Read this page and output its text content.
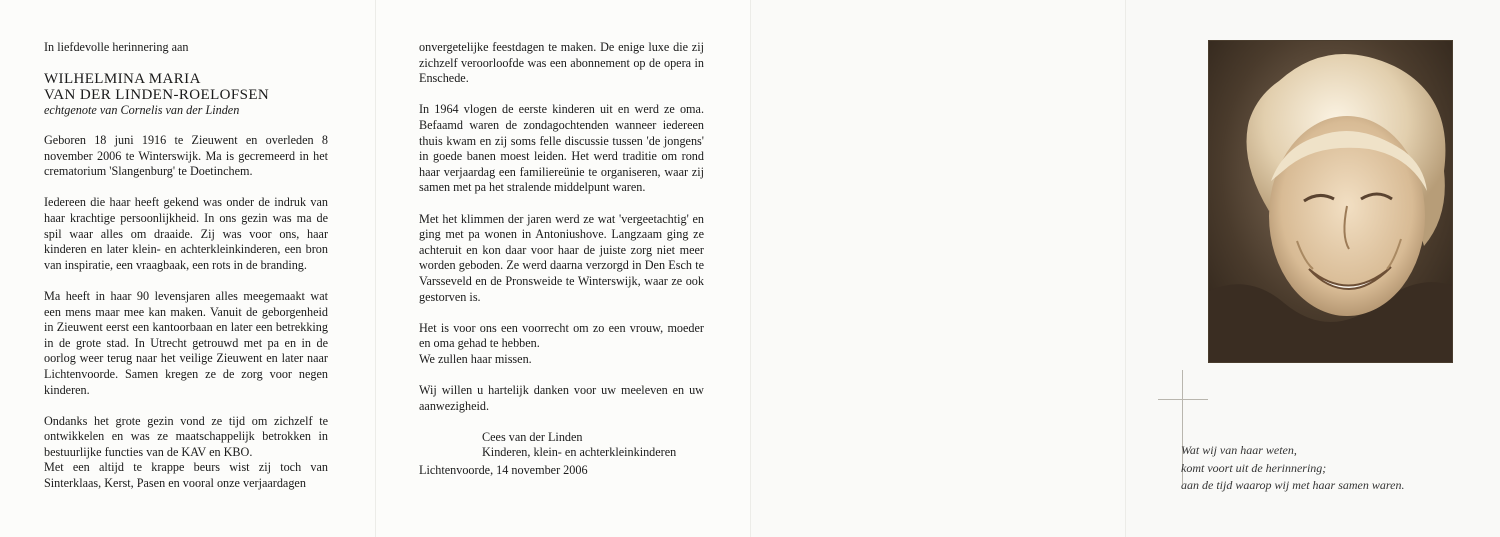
In liefdevolle herinnering aan

WILHELMINA MARIA

VAN DER LINDEN-ROELOFSEN

echtgenote van Cornelis van der Linden

Geboren 18 juni 1916 te Zieuwent en overleden 8 november 2006 te Winterswijk. Ma is gecremeerd in het crematorium 'Slangenburg' te Doetinchem.

Iedereen die haar heeft gekend was onder de indruk van haar krachtige persoonlijkheid. In ons gezin was ma de spil waar alles om draaide. Zij was voor ons, haar kinderen en later klein- en achterkleinkinderen, een bron van inspiratie, een vraagbaak, een rots in de branding.

Ma heeft in haar 90 levensjaren alles meegemaakt wat een mens maar mee kan maken. Vanuit de geborgenheid in Zieuwent eerst een kantoorbaan en later een betrekking in de grote stad. In Utrecht getrouwd met pa en in de oorlog weer terug naar het veilige Zieuwent en later naar Lichtenvoorde. Samen kregen ze de zorg voor negen kinderen.

Ondanks het grote gezin vond ze tijd om zichzelf te ontwikkelen en was ze maatschappelijk betrokken in bestuurlijke functies van de KAV en KBO.

Met een altijd te krappe beurs wist zij toch van Sinterklaas, Kerst, Pasen en vooral onze verjaardagen

onvergetelijke feestdagen te maken. De enige luxe die zij zichzelf veroorloofde was een abonnement op de opera in Enschede.

In 1964 vlogen de eerste kinderen uit en werd ze oma. Befaamd waren de zondagochtenden wanneer iedereen thuis kwam en zij soms felle discussie tussen 'de jongens' in goede banen moest leiden. Het werd traditie om rond haar verjaardag een familiereünie te organiseren, waar zij samen met pa het stralende middelpunt waren.

Met het klimmen der jaren werd ze wat 'vergeetachtig' en ging met pa wonen in Antoniushove. Langzaam ging ze achteruit en kon daar voor haar de juiste zorg niet meer worden geboden. Ze werd daarna verzorgd in Den Esch te Varsseveld en de Pronsweide te Winterswijk, waar ze ook gestorven is.

Het is voor ons een voorrecht om zo een vrouw, moeder en oma gehad te hebben.

We zullen haar missen.

Wij willen u hartelijk danken voor uw meeleven en uw aanwezigheid.

Cees van der Linden

Kinderen, klein- en achterkleinkinderen

Lichtenvoorde, 14 november 2006

Wat wij van haar weten,
komt voort uit de herinnering;
aan de tijd waarop wij met haar samen waren.
